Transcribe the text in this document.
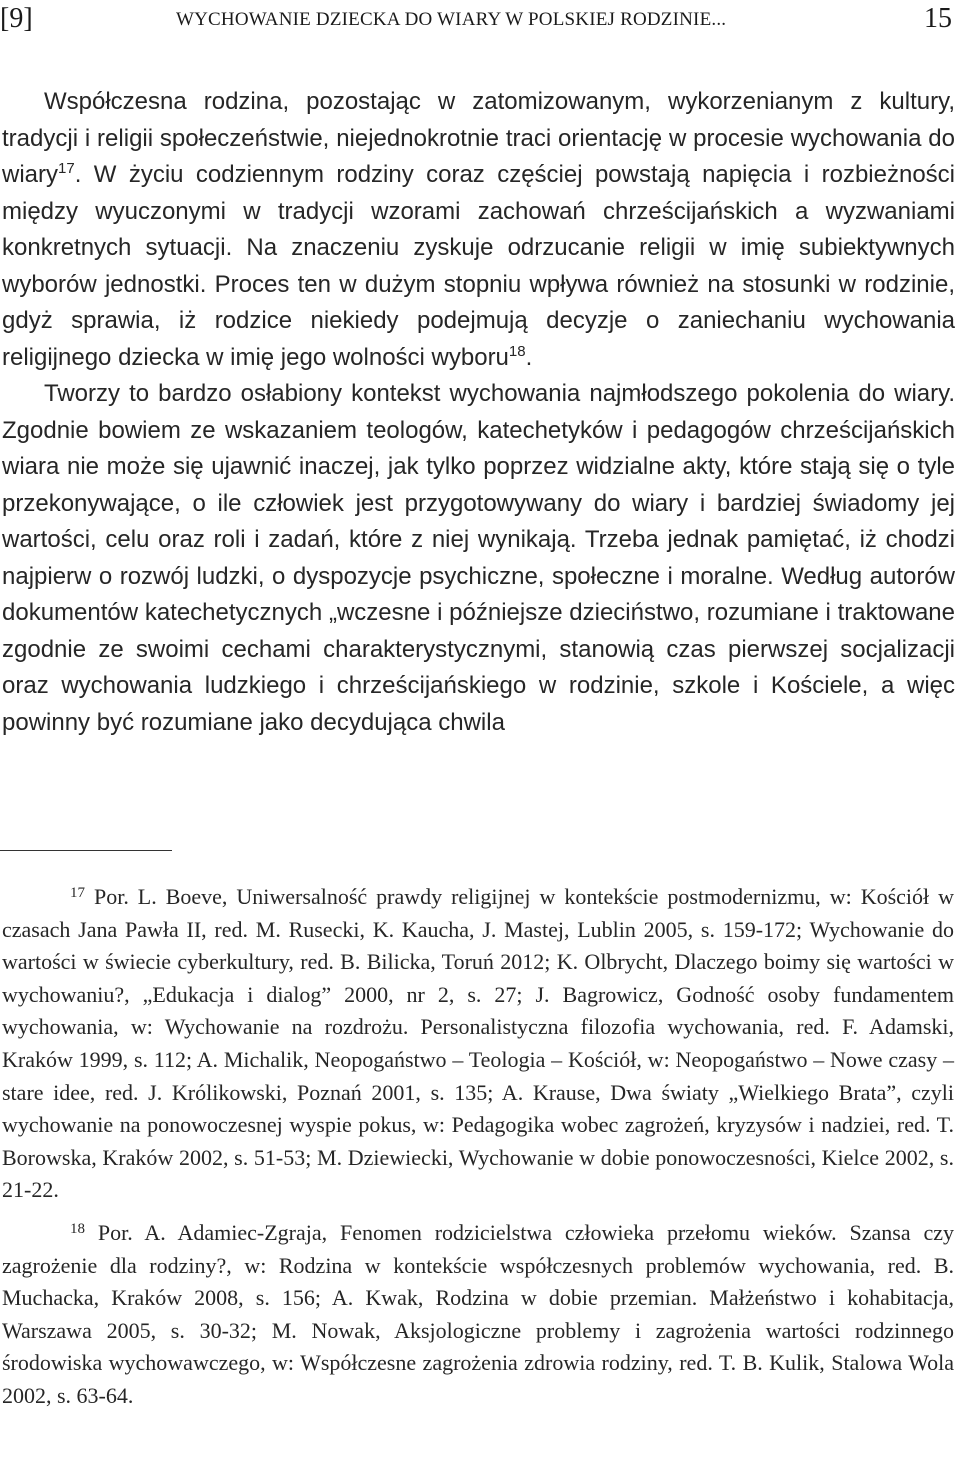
[9]	WYCHOWANIE DZIECKA DO WIARY W POLSKIEJ RODZINIE...	15

Współczesna rodzina, pozostając w zatomizowanym, wykorzenianym z kultury, tradycji i religii społeczeństwie, niejednokrotnie traci orientację w procesie wychowania do wiary$^{17}$. W życiu codziennym rodziny coraz częściej powstają napięcia i rozbieżności między wyuczonymi w tradycji wzorami zachowań chrześcijańskich a wyzwaniami konkretnych sytuacji. Na znaczeniu zyskuje odrzucanie religii w imię subiektywnych wyborów jednostki. Proces ten w dużym stopniu wpływa również na stosunki w rodzinie, gdyż sprawia, iż rodzice niekiedy podejmują decyzje o zaniechaniu wychowania religijnego dziecka w imię jego wolności wyboru$^{18}$.

Tworzy to bardzo osłabiony kontekst wychowania najmłodszego pokolenia do wiary. Zgodnie bowiem ze wskazaniem teologów, katechetyków i pedagogów chrześcijańskich wiara nie może się ujawnić inaczej, jak tylko poprzez widzialne akty, które stają się o tyle przekonywające, o ile człowiek jest przygotowywany do wiary i bardziej świadomy jej wartości, celu oraz roli i zadań, które z niej wynikają. Trzeba jednak pamiętać, iż chodzi najpierw o rozwój ludzki, o dyspozycje psychiczne, społeczne i moralne. Według autorów dokumentów katechetycznych „wczesne i późniejsze dzieciństwo, rozumiane i traktowane zgodnie ze swoimi cechami charakterystycznymi, stanowią czas pierwszej socjalizacji oraz wychowania ludzkiego i chrześcijańskiego w rodzinie, szkole i Kościele, a więc powinny być rozumiane jako decydująca chwila

17 Por. L. Boeve, Uniwersalność prawdy religijnej w kontekście postmodernizmu, w: Kościół w czasach Jana Pawła II, red. M. Rusecki, K. Kaucha, J. Mastej, Lublin 2005, s. 159-172; Wychowanie do wartości w świecie cyberkultury, red. B. Bilicka, Toruń 2012; K. Olbrycht, Dlaczego boimy się wartości w wychowaniu?, „Edukacja i dialog” 2000, nr 2, s. 27; J. Bagrowicz, Godność osoby fundamentem wychowania, w: Wychowanie na rozdrożu. Personalistyczna filozofia wychowania, red. F. Adamski, Kraków 1999, s. 112; A. Michalik, Neopogaństwo – Teologia – Kościół, w: Neopogaństwo – Nowe czasy – stare idee, red. J. Królikowski, Poznań 2001, s. 135; A. Krause, Dwa światy „Wielkiego Brata”, czyli wychowanie na ponowoczesnej wyspie pokus, w: Pedagogika wobec zagrożeń, kryzysów i nadziei, red. T. Borowska, Kraków 2002, s. 51-53; M. Dziewiecki, Wychowanie w dobie ponowoczesności, Kielce 2002, s. 21-22.

18 Por. A. Adamiec-Zgraja, Fenomen rodzicielstwa człowieka przełomu wieków. Szansa czy zagrożenie dla rodziny?, w: Rodzina w kontekście współczesnych problemów wychowania, red. B. Muchacka, Kraków 2008, s. 156; A. Kwak, Rodzina w dobie przemian. Małżeństwo i kohabitacja, Warszawa 2005, s. 30-32; M. Nowak, Aksjologiczne problemy i zagrożenia wartości rodzinnego środowiska wychowawczego, w: Współczesne zagrożenia zdrowia rodziny, red. T. B. Kulik, Stalowa Wola 2002, s. 63-64.
